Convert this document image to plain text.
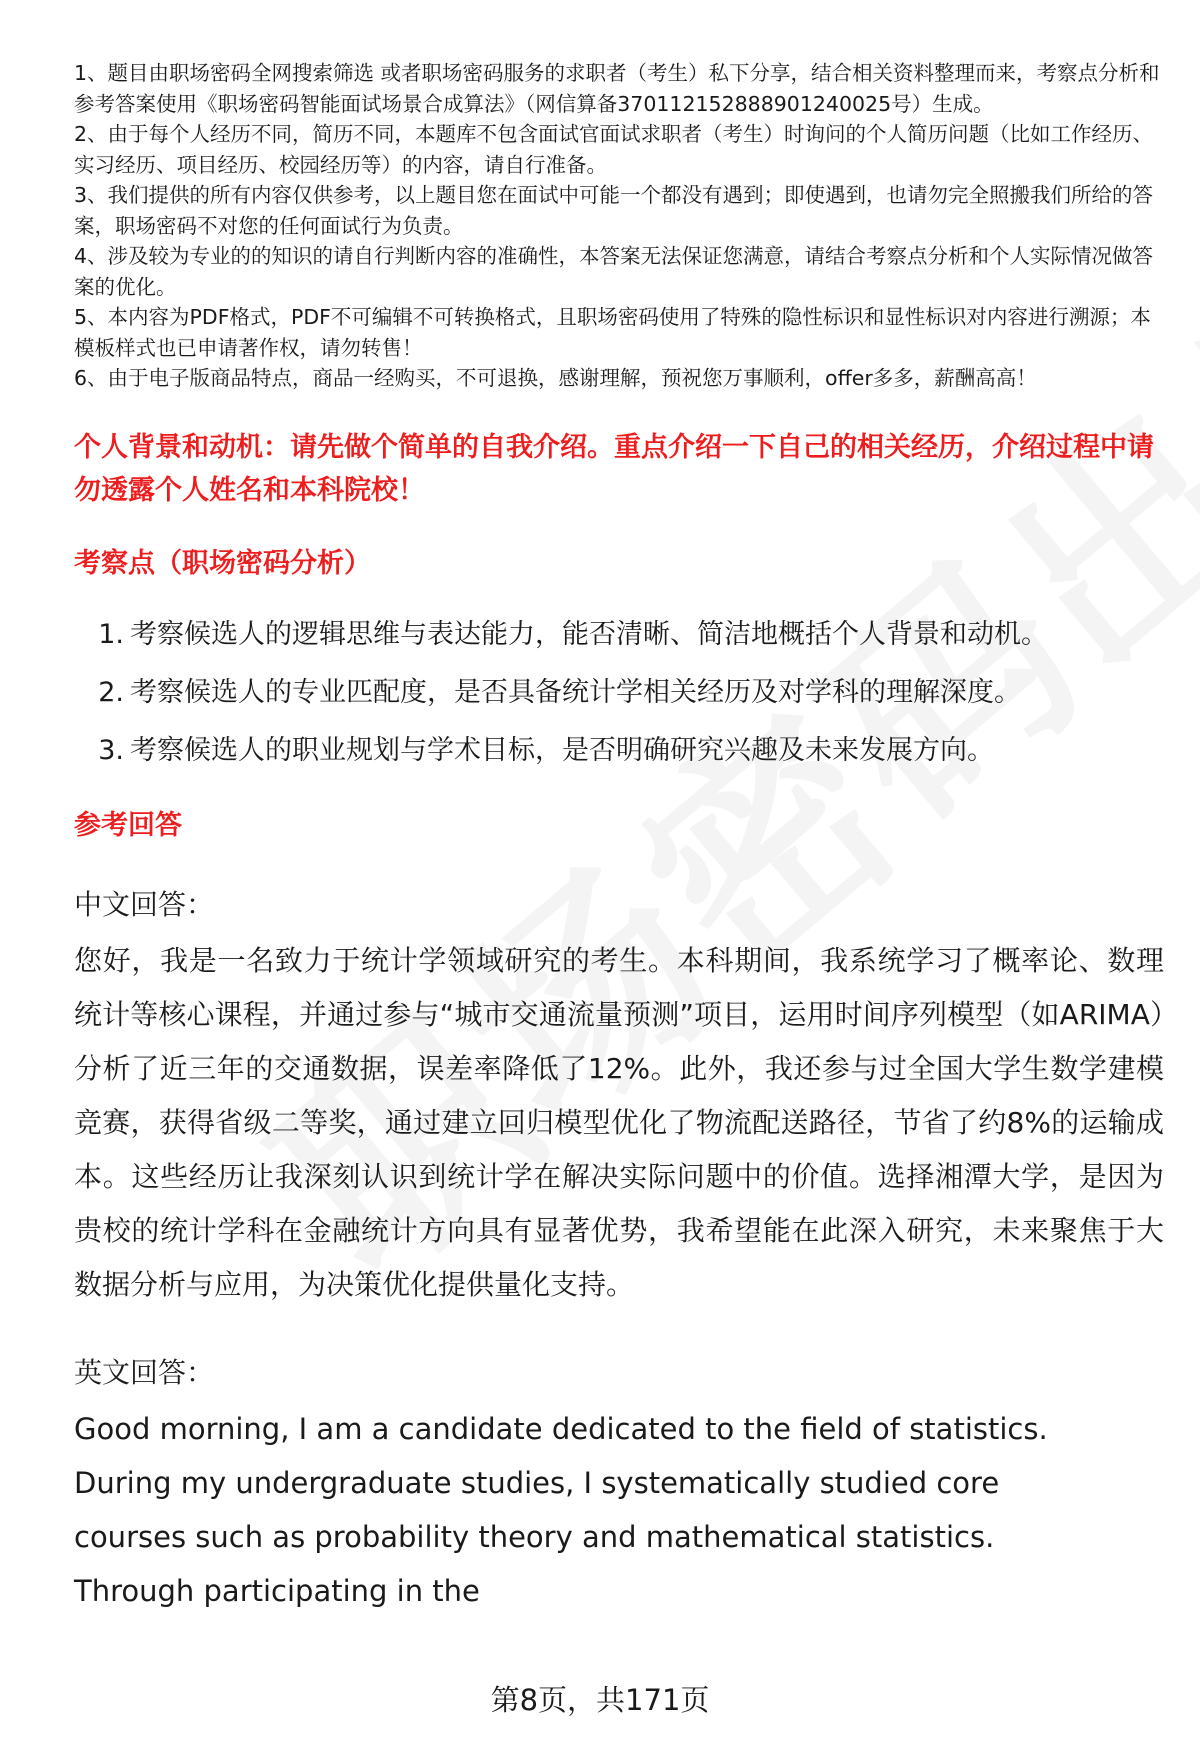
1、题目由职场密码全网搜索筛选 或者职场密码服务的求职者（考生）私下分享，结合相关资料整理而来，考察点分析和参考答案使用《职场密码智能面试场景合成算法》（网信算备370112152888901240025号）生成。

2、由于每个人经历不同，简历不同，本题库不包含面试官面试求职者（考生）时询问的个人简历问题（比如工作经历、实习经历、项目经历、校园经历等）的内容，请自行准备。

3、我们提供的所有内容仅供参考，以上题目您在面试中可能一个都没有遇到；即使遇到，也请勿完全照搬我们所给的答案，职场密码不对您的任何面试行为负责。

4、涉及较为专业的的知识的请自行判断内容的准确性，本答案无法保证您满意，请结合考察点分析和个人实际情况做答案的优化。

5、本内容为PDF格式，PDF不可编辑不可转换格式，且职场密码使用了特殊的隐性标识和显性标识对内容进行溯源；本模板样式也已申请著作权，请勿转售！

6、由于电子版商品特点，商品一经购买，不可退换，感谢理解，预祝您万事顺利，offer多多，薪酬高高！

个人背景和动机：请先做个简单的自我介绍。重点介绍一下自己的相关经历，介绍过程中请勿透露个人姓名和本科院校！
考察点（职场密码分析）
1. 考察候选人的逻辑思维与表达能力，能否清晰、简洁地概括个人背景和动机。
2. 考察候选人的专业匹配度，是否具备统计学相关经历及对学科的理解深度。
3. 考察候选人的职业规划与学术目标，是否明确研究兴趣及未来发展方向。
参考回答
中文回答：

您好，我是一名致力于统计学领域研究的考生。本科期间，我系统学习了概率论、数理统计等核心课程，并通过参与“城市交通流量预测”项目，运用时间序列模型（如ARIMA）分析了近三年的交通数据，误差率降低了12%。此外，我还参与过全国大学生数学建模竞赛，获得省级二等奖，通过建立回归模型优化了物流配送路径，节省了约8%的运输成本。这些经历让我深刻认识到统计学在解决实际问题中的价值。选择湘潭大学，是因为贵校的统计学科在金融统计方向具有显著优势，我希望能在此深入研究，未来聚焦于大数据分析与应用，为决策优化提供量化支持。

英文回答：

Good morning, I am a candidate dedicated to the field of statistics. During my undergraduate studies, I systematically studied core courses such as probability theory and mathematical statistics. Through participating in the

第8页，共171页
